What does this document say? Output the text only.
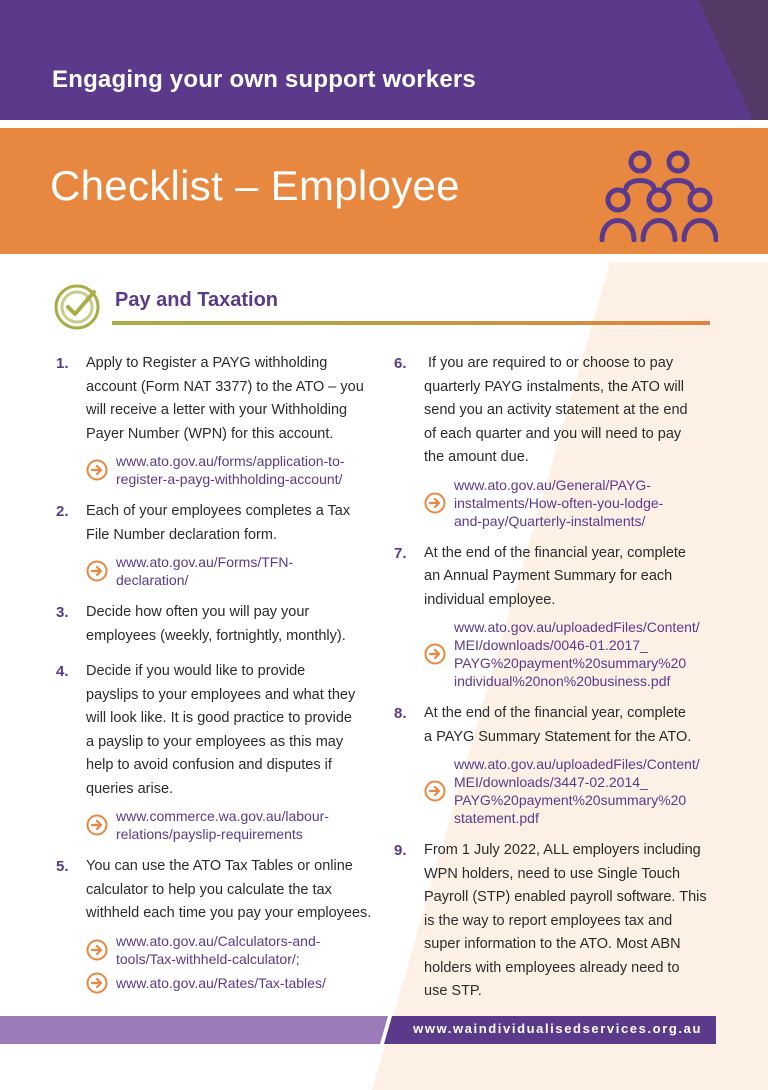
Engaging your own support workers
Checklist – Employee
Pay and Taxation
1. Apply to Register a PAYG withholding
account (Form NAT 3377) to the ATO – you
will receive a letter with your Withholding
Payer Number (WPN) for this account.
www.ato.gov.au/forms/application-to-
register-a-payg-withholding-account/
2. Each of your employees completes a Tax
File Number declaration form.
www.ato.gov.au/Forms/TFN-
declaration/
3. Decide how often you will pay your
employees (weekly, fortnightly, monthly).
4. Decide if you would like to provide
payslips to your employees and what they
will look like. It is good practice to provide
a payslip to your employees as this may
help to avoid confusion and disputes if
queries arise.
www.commerce.wa.gov.au/labour-
relations/payslip-requirements
5. You can use the ATO Tax Tables or online
calculator to help you calculate the tax
withheld each time you pay your employees.
www.ato.gov.au/Calculators-and-
tools/Tax-withheld-calculator/;
www.ato.gov.au/Rates/Tax-tables/
6. If you are required to or choose to pay
quarterly PAYG instalments, the ATO will
send you an activity statement at the end
of each quarter and you will need to pay
the amount due.
www.ato.gov.au/General/PAYG-
instalments/How-often-you-lodge-
and-pay/Quarterly-instalments/
7. At the end of the financial year, complete
an Annual Payment Summary for each
individual employee.
www.ato.gov.au/uploadedFiles/Content/
MEI/downloads/0046-01.2017_
PAYG%20payment%20summary%20
individual%20non%20business.pdf
8. At the end of the financial year, complete
a PAYG Summary Statement for the ATO.
www.ato.gov.au/uploadedFiles/Content/
MEI/downloads/3447-02.2014_
PAYG%20payment%20summary%20
statement.pdf
9. From 1 July 2022, ALL employers including
WPN holders, need to use Single Touch
Payroll (STP) enabled payroll software. This
is the way to report employees tax and
super information to the ATO. Most ABN
holders with employees already need to
use STP.
www.waindividualisedservices.org.au
